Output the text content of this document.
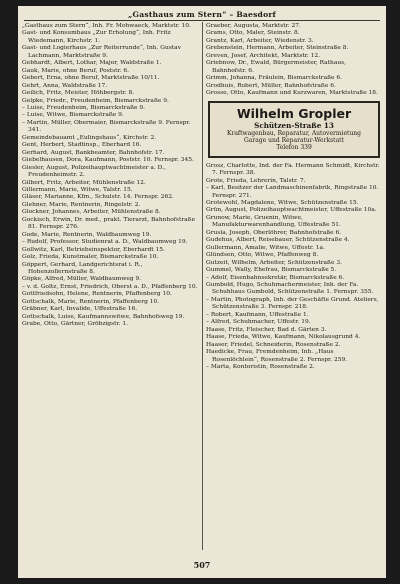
„Gasthaus zum Stern“ – Baesdorf

„Gasthaus zum Stern“, Inh. Fr. Mohwaeck, Marktstr. 10.

Gast- und Konsumhaus „Zur Erholung“, Inh. Fritz Wiedemann, Kirchstr. 1.

Gast- und Logierhaus „Zur Reiterrunde“, Inh. Gustav Lachmann, Marktstraße 9.

Gebhardt, Albert, Lothar, Major, Waldstraße 1.

Gauk, Marie, ohne Beruf, Poststr. 6.

Gebert, Erna, ohne Beruf, Marktstraße 10/11.

Gehrt, Anna, Waldstraße 17.

Geilich, Fritz, Meister, Höhbergstr. 8.

Gelpke, Friedr., Freudenheim, Bismarckstraße 9.

– Luise, Freudenheim, Bismarckstraße 9.

– Luise, Witwe, Bismarckstraße 9.

– Martin, Müller, Obermaier, Bismarckstraße 9. Fernspr. 341.

Gemeindebauamt „Eulingshaus“, Kirchstr. 2.

Gent, Herbert, Stadtinsp., Eberhard 16.

Gerhard, August, Bankbeamter, Bahnhofstr. 17.

Giebelhausen, Dora, Kaufmann, Poststr. 10. Fernspr. 345.

Giesler, August, Polizeihauptwachtmeister a. D., Freudenheimstr. 2.

Gilbert, Fritz, Arbeiter, Mühlenstraße 12.

Gillermann, Marie, Witwe, Talstr. 15.

Gläser, Marianne, Kfm., Schulstr. 14. Fernspr. 262.

Glehner, Marie, Rentnerin, Ringelstr. 2.

Glockner, Johannes, Arbeiter, Mühlenstraße 8.

Gockisch, Erwin, Dr. med., prakt. Tierarzt, Bahnhofstraße 81. Fernspr. 276.

Gode, Marie, Rentnerin, Waldbaumweg 19.

– Rudolf, Professor, Studienrat a. D., Waldbaumweg 19.

Gollwitz, Karl, Betriebsinspektor, Eberhardt 15.

Golz, Frieda, Kunstmaler, Bismarckstraße 10.

Göppert, Gerhard, Landgerichtsrat i. R., Hohenzollernstraße 8.

Göpke, Alfred, Müller, Waldbaumweg 9.

– v. d. Goltz, Ernst, Friedrich, Oberst a. D., Pfaffenberg 10.

Gottfriedsohn, Helene, Rentnerin, Pfaffenberg 10.

Gottschalk, Marie, Rentnerin, Pfaffenberg 10.

Gräbner, Karl, Invalide, Uffestraße 16.

Gottschalk, Luise, Kaufmannswitwe, Bahnhofsweg 19.

Grabe, Otto, Gärtner, Gröbzigstr. 1.

Graeber, Augusta, Marktstr. 27.

Grams, Otto, Maler, Steinstr. 8.

Grantz, Karl, Arbeiter, Wiedenstr. 3.

Grebenstein, Hermann, Arbeiter, Steinstraße 8.

Greven, Josef, Architekt, Marktstr. 12.

Griebnow, Dr., Ewald, Bürgermeister, Rathaus, Bahnhofstr. 6.

Grimm, Johanna, Fräulein, Bismarckstraße 6.

Grodhuis, Robert, Müller, Bahnhofstraße 6.

Grosse, Otto, Kaufmann und Kurzwaren, Marktstraße 18.

Wilhelm Gropler
Schützen-Straße 13
Kraftwagenbau, Reparatur, Autovermietung
Garage und Reparatur-Werkstatt
Telefon 339

Grosz, Charlotte, Ind. der Fa. Hermann Schmidt, Kirchstr. 7. Fernspr. 38.

Grote, Frieda, Lehrerin, Talstr. 7.

– Karl, Besitzer der Landmaschinenfabrik, Ringstraße 10. Fernspr. 271.

Grotewohl, Magdalene, Witwe, Schützenstraße 15.

Grün, August, Polizeihauptwachtmeister, Uffestraße 10a.

Grunow, Marie, Gruenin, Witwe, Manufakturwarenhandlung, Uffestraße 51.

Grusla, Joseph, Oberlöhrer, Bahnhofstraße 6.

Gudehus, Albert, Reisebauer, Schützenstraße 4.

Gullermann, Amalie, Witwe, Uffestr. 1a.

Glündsen, Otto, Witwe, Pfaffenweg 8.

Gutzeit, Wilhelm, Arbeiter, Schützenstraße 3.

Gummel, Wally, Ehefrau, Bismarckstraße 5.

– Adolf, Eisenbahnsekretär, Bismarckstraße 6.

Gumbold, Hugo, Schuhmachermeister, Inh. der Fa. Schuhhaus Gumbold, Schützenstraße 1. Fernspr. 355.

– Martin, Photograph, Inh. der Geschäfte Grund. Ateliers, Schützenstraße 3. Fernspr. 218.

– Robert, Kaufmann, Uffestraße 1.

– Alfred, Schuhmacher, Uffestr. 19.

Haase, Fritz, Fleischer, Bad d. Gärten 3.

Haase, Frieda, Witwe, Kaufmann, Nikolausgrund 4.

Haaser, Friedel, Schneiderin, Rosenstraße 2.

Haedicke, Frau, Fremdenheim, Inh. „Haus Rosenlöchlein“, Rosenstraße 2. Fernspr. 259.

– Marta, Kontoristin, Rosenstraße 2.

507
